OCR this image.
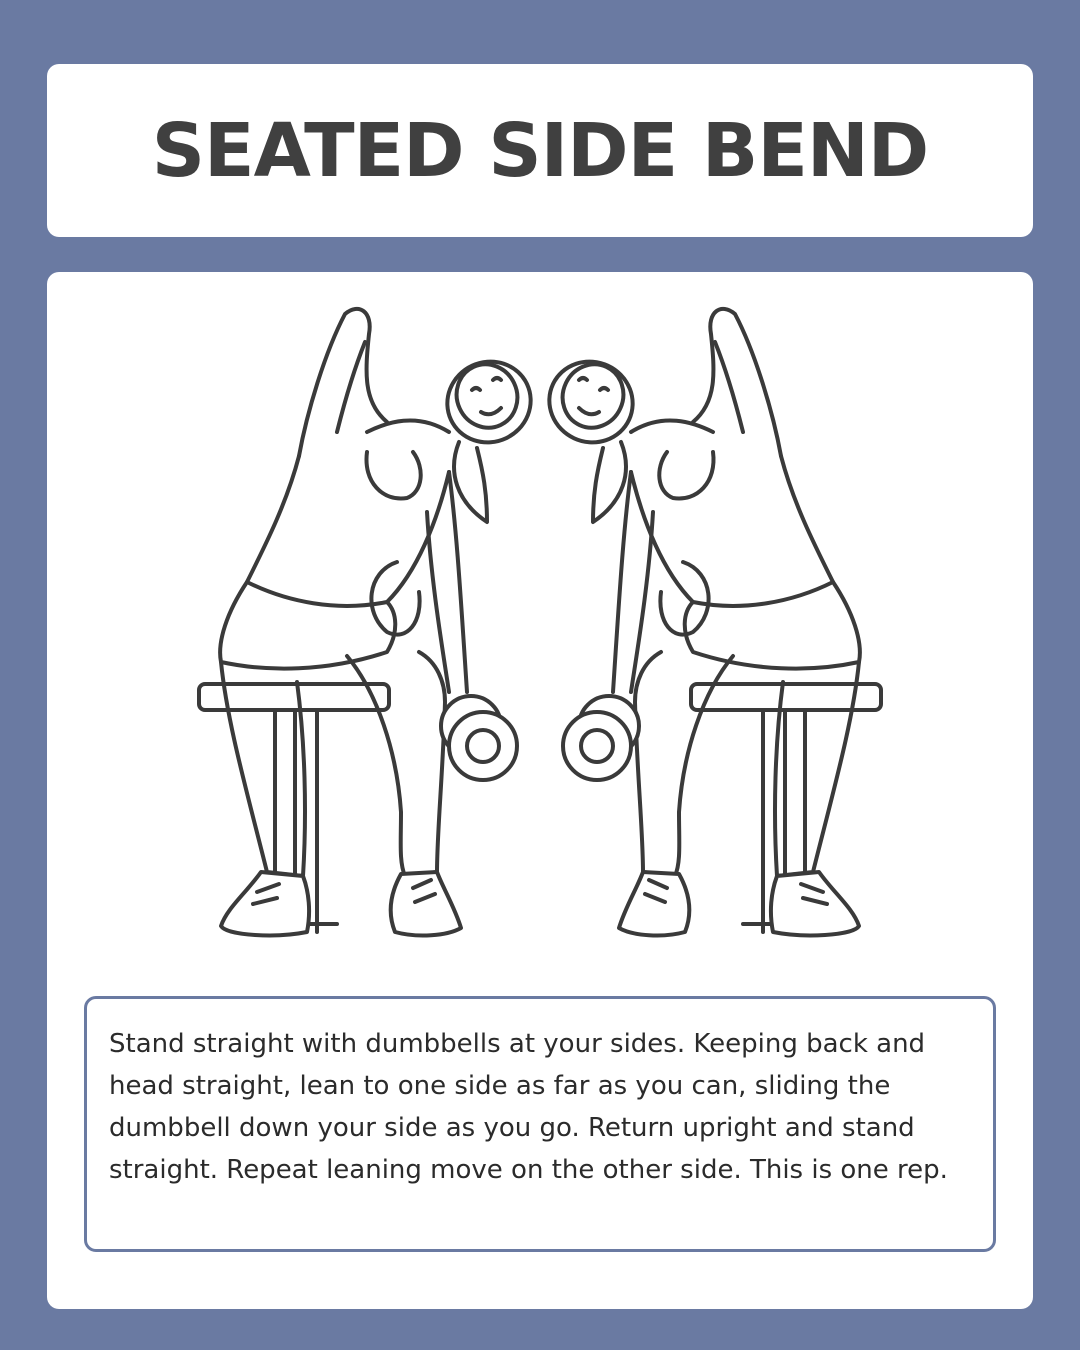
SEATED SIDE BEND

Stand straight with dumbbells at your sides. Keeping back and head straight, lean to one side as far as you can, sliding the dumbbell down your side as you go. Return upright and stand straight. Repeat leaning move on the other side. This is one rep.
